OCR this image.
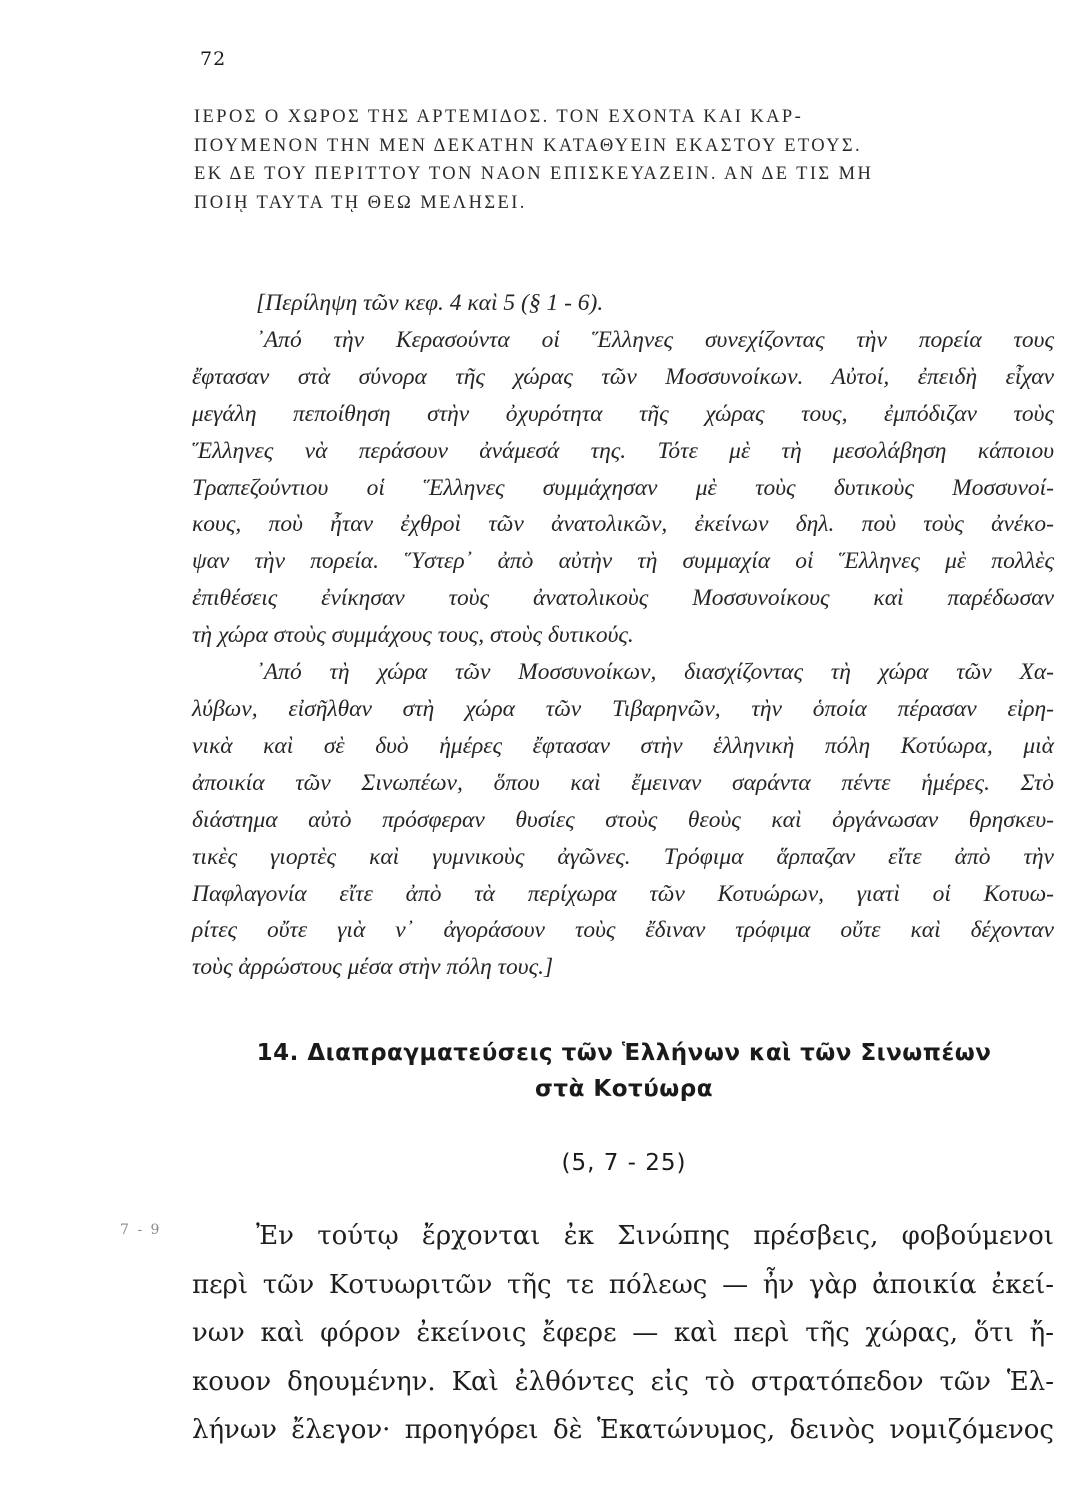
72
ΙΕΡΟΣ Ο ΧΩΡΟΣ ΤΗΣ ΑΡΤΕΜΙΔΟΣ. ΤΟΝ ΕΧΟΝΤΑ ΚΑΙ ΚΑΡ-
ΠΟΥΜΕΝΟΝ ΤΗΝ ΜΕΝ ΔΕΚΑΤΗΝ ΚΑΤΑΘΥΕΙΝ ΕΚΑΣΤΟΥ ΕΤΟΥΣ.
ΕΚ ΔΕ ΤΟΥ ΠΕΡΙΤΤΟΥ ΤΟΝ ΝΑΟΝ ΕΠΙΣΚΕΥΑΖΕΙΝ. ΑΝ ΔΕ ΤΙΣ ΜΗ
ΠΟΙῌ ΤΑΥΤΑ Τῌ ΘΕΩ ΜΕΛΗΣΕΙ.
[Περίληψη τῶν κεφ. 4 καὶ 5 (§ 1 - 6).
᾿Από τὴν Κερασούντα οἱ Ἕλληνες συνεχίζοντας τὴν πορεία τους
ἔφτασαν στὰ σύνορα τῆς χώρας τῶν Μοσσυνοίκων. Αὐτοί, ἐπειδὴ εἶχαν
μεγάλη πεποίθηση στὴν ὀχυρότητα τῆς χώρας τους, ἐμπόδιζαν τοὺς
Ἕλληνες νὰ περάσουν ἀνάμεσά της. Τότε μὲ τὴ μεσολάβηση κάποιου
Τραπεζούντιου οἱ Ἕλληνες συμμάχησαν μὲ τοὺς δυτικοὺς Μοσσυνοί-
κους, ποὺ ἦταν ἐχθροὶ τῶν ἀνατολικῶν, ἐκείνων δηλ. ποὺ τοὺς ἀνέκο-
ψαν τὴν πορεία. Ὕστερ᾿ ἀπὸ αὐτὴν τὴ συμμαχία οἱ Ἕλληνες μὲ πολλὲς
ἐπιθέσεις ἐνίκησαν τοὺς ἀνατολικοὺς Μοσσυνοίκους καὶ παρέδωσαν
τὴ χώρα στοὺς συμμάχους τους, στοὺς δυτικούς.
᾿Από τὴ χώρα τῶν Μοσσυνοίκων, διασχίζοντας τὴ χώρα τῶν Χα-
λύβων, εἰσῆλθαν στὴ χώρα τῶν Τιβαρηνῶν, τὴν ὁποία πέρασαν εἰρη-
νικὰ καὶ σὲ δυὸ ἡμέρες ἔφτασαν στὴν ἑλληνικὴ πόλη Κοτύωρα, μιὰ
ἀποικία τῶν Σινωπέων, ὅπου καὶ ἔμειναν σαράντα πέντε ἡμέρες. Στὸ
διάστημα αὐτὸ πρόσφεραν θυσίες στοὺς θεοὺς καὶ ὀργάνωσαν θρησκευ-
τικὲς γιορτὲς καὶ γυμνικοὺς ἀγῶνες. Τρόφιμα ἅρπαζαν εἴτε ἀπὸ τὴν
Παφλαγονία εἴτε ἀπὸ τὰ περίχωρα τῶν Κοτυώρων, γιατὶ οἱ Κοτυω-
ρίτες οὔτε γιὰ ν᾿ ἀγοράσουν τοὺς ἔδιναν τρόφιμα οὔτε καὶ δέχονταν
τοὺς ἀρρώστους μέσα στὴν πόλη τους.]
14. Διαπραγματεύσεις τῶν Ἑλλήνων καὶ τῶν Σινωπέων
στὰ Κοτύωρα
(5, 7 - 25)
7 - 9	Ἐν τούτῳ ἔρχονται ἐκ Σινώπης πρέσβεις, φοβούμενοι
περὶ τῶν Κοτυωριτῶν τῆς τε πόλεως — ἦν γὰρ ἀποικία ἐκεί-
νων καὶ φόρον ἐκείνοις ἔφερε — καὶ περὶ τῆς χώρας, ὅτι ἤ-
κουον δηουμένην. Καὶ ἐλθόντες εἰς τὸ στρατόπεδον τῶν Ἑλ-
λήνων ἔλεγον· προηγόρει δὲ Ἑκατώνυμος, δεινὸς νομιζόμενος
